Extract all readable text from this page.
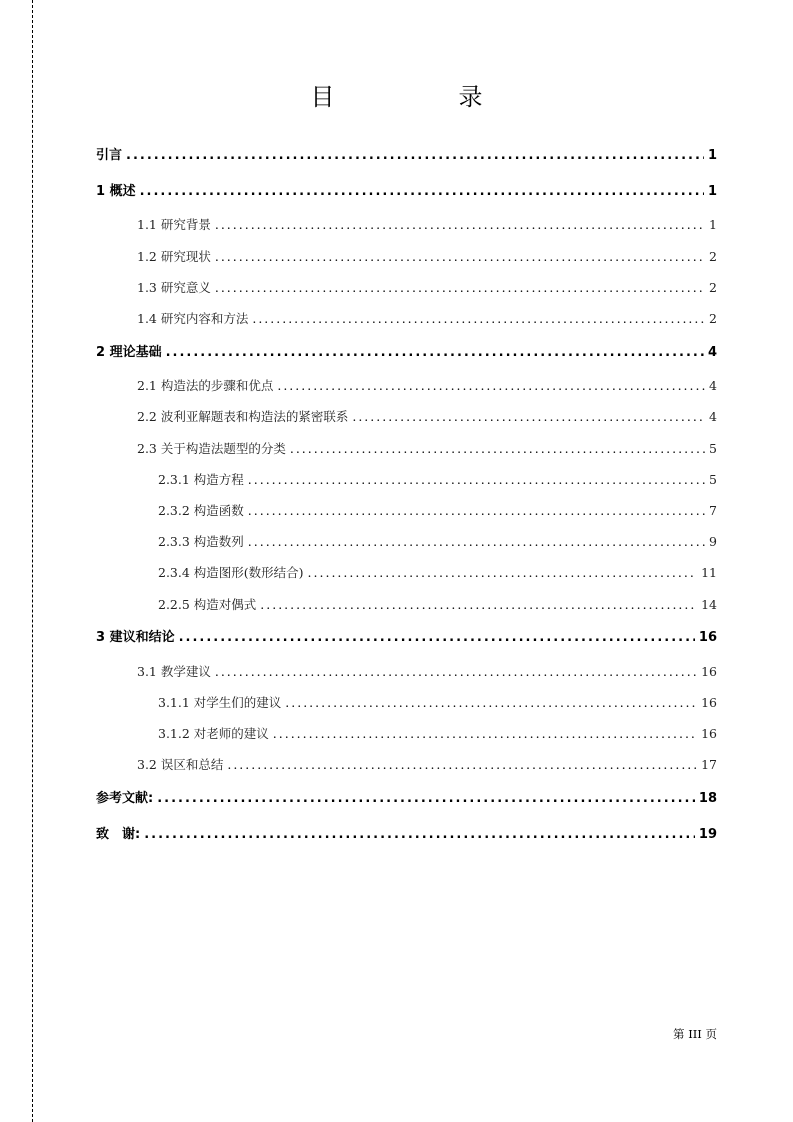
目　录
引言 .....	1
1 概述 .....	1
1.1 研究背景 .....	1
1.2 研究现状 .....	2
1.3 研究意义 .....	2
1.4 研究内容和方法 .....	2
2 理论基础 .....	4
2.1 构造法的步骤和优点 .....	4
2.2 波利亚解题表和构造法的紧密联系 .....	4
2.3 关于构造法题型的分类 .....	5
2.3.1 构造方程 .....	5
2.3.2 构造函数 .....	7
2.3.3 构造数列 .....	9
2.3.4 构造图形(数形结合) .....	11
2.2.5 构造对偶式 .....	14
3 建议和结论 .....	16
3.1 教学建议 .....	16
3.1.1 对学生们的建议 .....	16
3.1.2 对老师的建议 .....	16
3.2 误区和总结 .....	17
参考文献: .....	18
致　谢: .....	19
第 III 页
